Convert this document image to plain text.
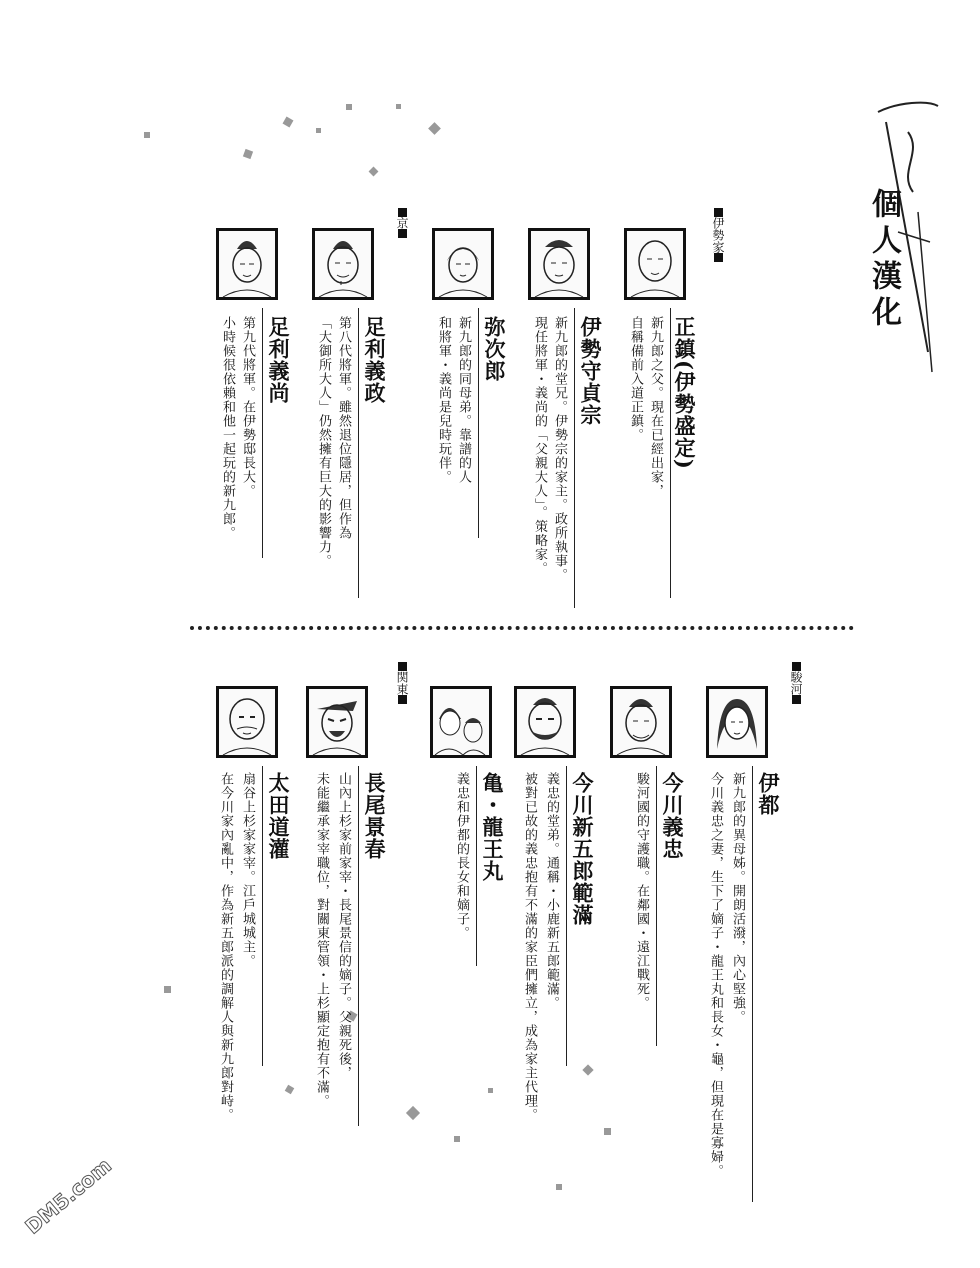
個人漢化
伊勢家
京
駿河
関東
正鎮(伊勢盛定)
新九郎之父。現在已經出家，
自稱備前入道正鎮。
伊勢守貞宗
新九郎的堂兄。伊勢宗的家主。政所執事。
現任將軍・義尚的「父親大人」。策略家。
弥次郎
新九郎的同母弟。靠譜的人
和將軍・義尚是兒時玩伴。
足利義政
第八代將軍。雖然退位隱居，但作為
「大御所大人」仍然擁有巨大的影響力。
足利義尚
第九代將軍。在伊勢邸長大。
小時候很依賴和他一起玩的新九郎。
伊都
新九郎的異母姊。開朗活潑，內心堅強。
今川義忠之妻，生下了嫡子・龍王丸和長女・龜，但現在是寡婦。
今川義忠
駿河國的守護職。在鄰國・遠江戰死。
今川新五郎範滿
義忠的堂弟。通稱・小鹿新五郎範滿。
被對已故的義忠抱有不滿的家臣們擁立，成為家主代理。
亀・龍王丸
義忠和伊都的長女和嫡子。
長尾景春
山內上杉家前家宰・長尾景信的嫡子。父親死後，
未能繼承家宰職位，對關東管領・上杉顯定抱有不滿。
太田道灌
扇谷上杉家家宰。江戶城城主。
在今川家內亂中，作為新五郎派的調解人與新九郎對峙。
DM5.com
